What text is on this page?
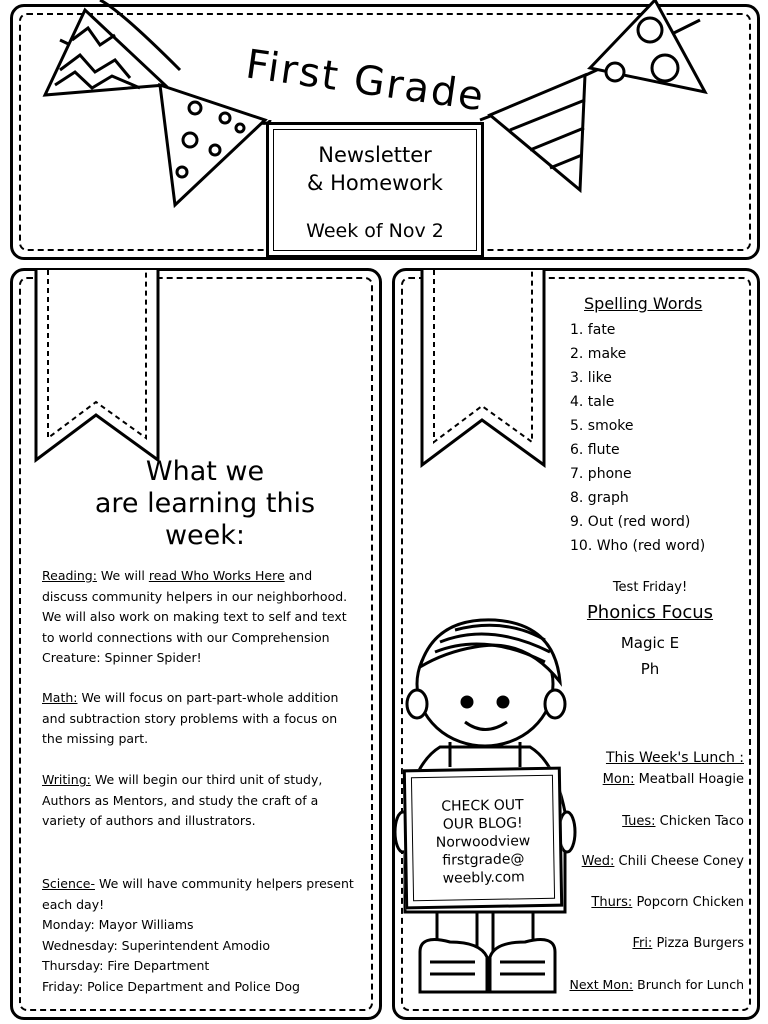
First Grade
Newsletter
& Homework
Week of Nov 2
What we
are learning this
week:
Reading: We will read Who Works Here and discuss community helpers in our neighborhood. We will also work on making text to self and text to world connections with our Comprehension Creature: Spinner Spider!
Math: We will focus on part-part-whole addition and subtraction story problems with a focus on the missing part.
Writing: We will begin our third unit of study, Authors as Mentors, and study the craft of a variety of authors and illustrators.
Science- We will have community helpers present each day!
Monday: Mayor Williams
Wednesday: Superintendent Amodio
Thursday: Fire Department
Friday: Police Department and Police Dog
Spelling Words
1. fate
2. make
3. like
4. tale
5. smoke
6. flute
7. phone
8. graph
9. Out (red word)
10. Who (red word)
Test Friday!
Phonics Focus
Magic E
Ph
CHECK OUT
OUR BLOG!
Norwoodview
firstgrade@
weebly.com
This Week's Lunch :
Mon: Meatball Hoagie
Tues: Chicken Taco
Wed: Chili Cheese Coney
Thurs: Popcorn Chicken
Fri: Pizza Burgers
Next Mon: Brunch for Lunch
